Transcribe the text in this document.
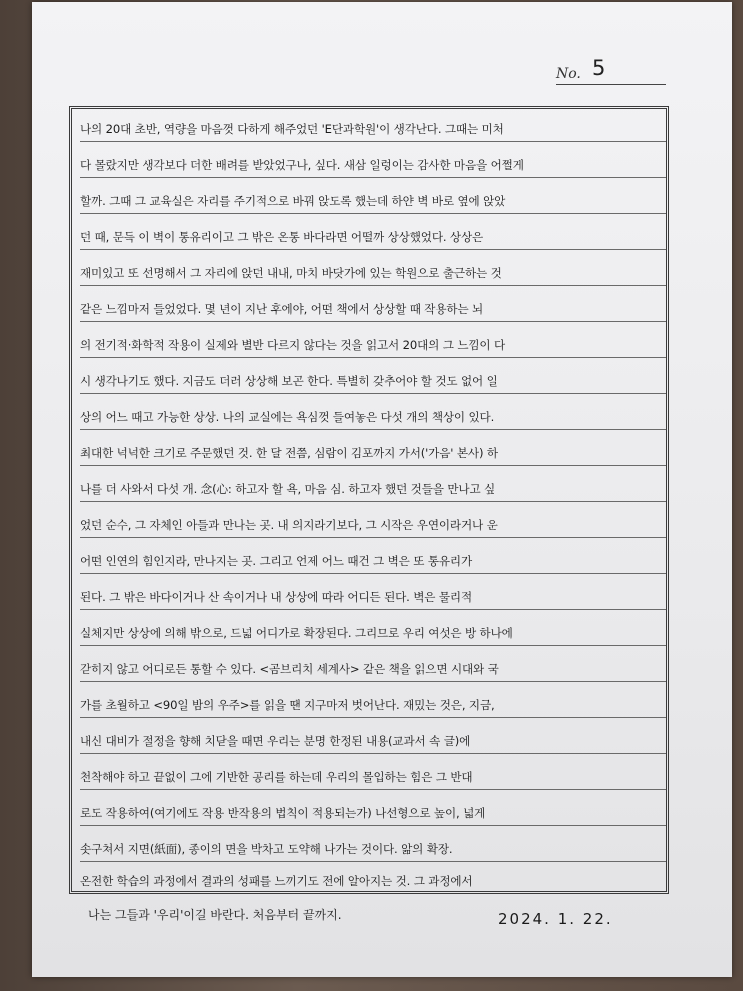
No. 5
나의 20대 초반, 역량을 마음껏 다하게 해주었던 'E단과학원'이 생각난다. 그때는 미처
다 몰랐지만 생각보다 더한 배려를 받았었구나, 싶다. 새삼 일렁이는 감사한 마음을 어쩔게
할까. 그때 그 교육실은 자리를 주기적으로 바꿔 앉도록 했는데 하얀 벽 바로 옆에 앉았
던 때, 문득 이 벽이 통유리이고 그 밖은 온통 바다라면 어떨까 상상했었다. 상상은
재미있고 또 선명해서 그 자리에 앉던 내내, 마치 바닷가에 있는 학원으로 출근하는 것
같은 느낌마저 들었었다. 몇 년이 지난 후에야, 어떤 책에서 상상할 때 작용하는 뇌
의 전기적·화학적 작용이 실제와 별반 다르지 않다는 것을 읽고서 20대의 그 느낌이 다
시 생각나기도 했다. 지금도 더러 상상해 보곤 한다. 특별히 갖추어야 할 것도 없어 일
상의 어느 때고 가능한 상상. 나의 교실에는 욕심껏 들여놓은 다섯 개의 책상이 있다.
최대한 넉넉한 크기로 주문했던 것. 한 달 전쯤, 심람이 김포까지 가서('가음' 본사) 하
나를 더 사와서 다섯 개. 念(心: 하고자 할 욕, 마음 심. 하고자 했던 것들을 만나고 싶
었던 순수, 그 자체인 아들과 만나는 곳. 내 의지라기보다, 그 시작은 우연이라거나 운
어떤 인연의 힘인지라, 만나지는 곳. 그리고 언제 어느 때건 그 벽은 또 통유리가
된다. 그 밖은 바다이거나 산 속이거나 내 상상에 따라 어디든 된다. 벽은 물리적
실체지만 상상에 의해 밖으로, 드넓 어디가로 확장된다. 그리므로 우리 여섯은 방 하나에
갇히지 않고 어디로든 통할 수 있다. <곰브리치 세계사> 같은 책을 읽으면 시대와 국
가를 초월하고 <90일 밤의 우주>를 읽을 땐 지구마저 벗어난다. 재밌는 것은, 지금,
내신 대비가 절정을 향해 치닫을 때면 우리는 분명 한정된 내용(교과서 속 글)에
천착해야 하고 끝없이 그에 기반한 공리를 하는데 우리의 몰입하는 힘은 그 반대
로도 작용하여(여기에도 작용 반작용의 법칙이 적용되는가) 나선형으로 높이, 넓게
솟구쳐서 지면(紙面), 종이의 면을 박차고 도약해 나가는 것이다. 앎의 확장.
온전한 학습의 과정에서 결과의 성패를 느끼기도 전에 알아지는 것. 그 과정에서
나는 그들과 '우리'이길 바란다. 처음부터 끝까지.	2024. 1. 22.
